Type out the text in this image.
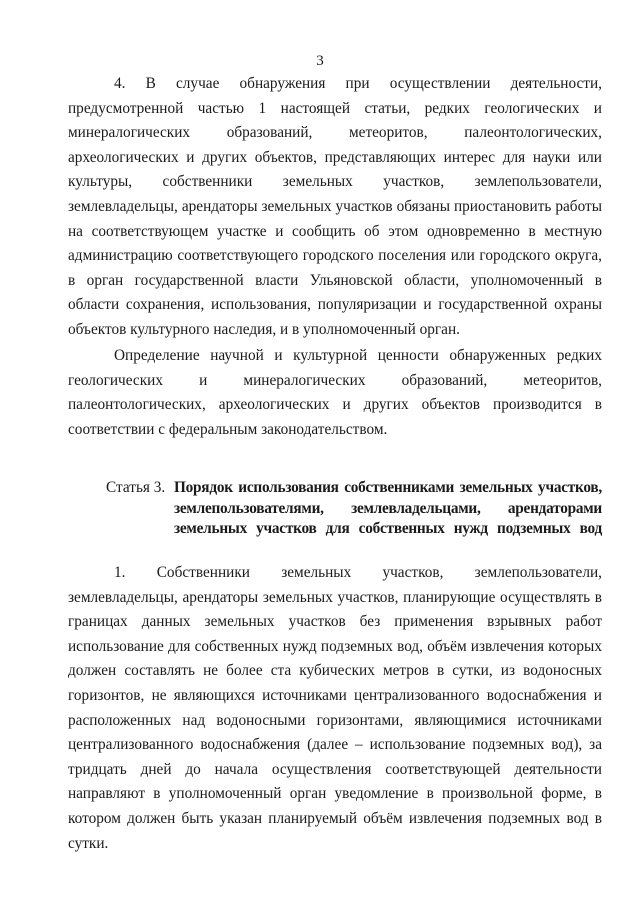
3

4. В случае обнаружения при осуществлении деятельности, предусмотренной частью 1 настоящей статьи, редких геологических и минералогических образований, метеоритов, палеонтологических, археологических и других объектов, представляющих интерес для науки или культуры, собственники земельных участков, землепользователи, землевладельцы, арендаторы земельных участков обязаны приостановить работы на соответствующем участке и сообщить об этом одновременно в местную администрацию соответствующего городского поселения или городского округа, в орган государственной власти Ульяновской области, уполномоченный в области сохранения, использования, популяризации и государственной охраны объектов культурного наследия, и в уполномоченный орган.

Определение научной и культурной ценности обнаруженных редких геологических и минералогических образований, метеоритов, палеонтологических, археологических и других объектов производится в соответствии с федеральным законодательством.

Статья 3. Порядок использования собственниками земельных участков, землепользователями, землевладельцами, арендаторами земельных участков для собственных нужд подземных вод

1. Собственники земельных участков, землепользователи, землевладельцы, арендаторы земельных участков, планирующие осуществлять в границах данных земельных участков без применения взрывных работ использование для собственных нужд подземных вод, объём извлечения которых должен составлять не более ста кубических метров в сутки, из водоносных горизонтов, не являющихся источниками централизованного водоснабжения и расположенных над водоносными горизонтами, являющимися источниками централизованного водоснабжения (далее – использование подземных вод), за тридцать дней до начала осуществления соответствующей деятельности направляют в уполномоченный орган уведомление в произвольной форме, в котором должен быть указан планируемый объём извлечения подземных вод в сутки.
